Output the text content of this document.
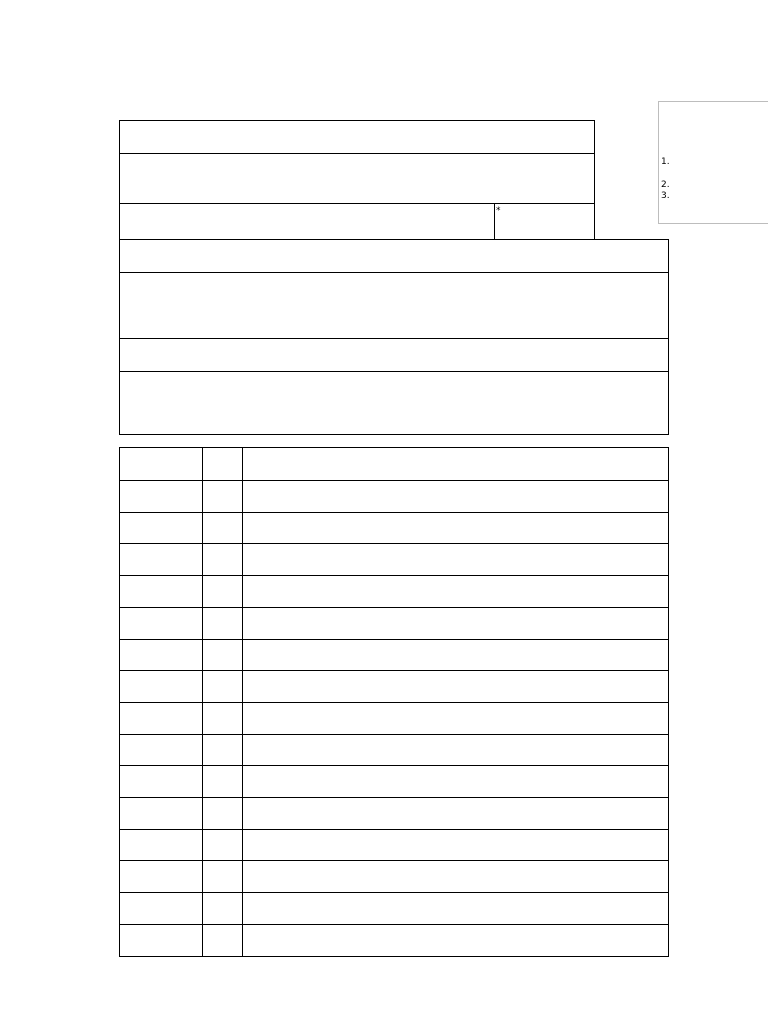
1.
2.
3.
*
